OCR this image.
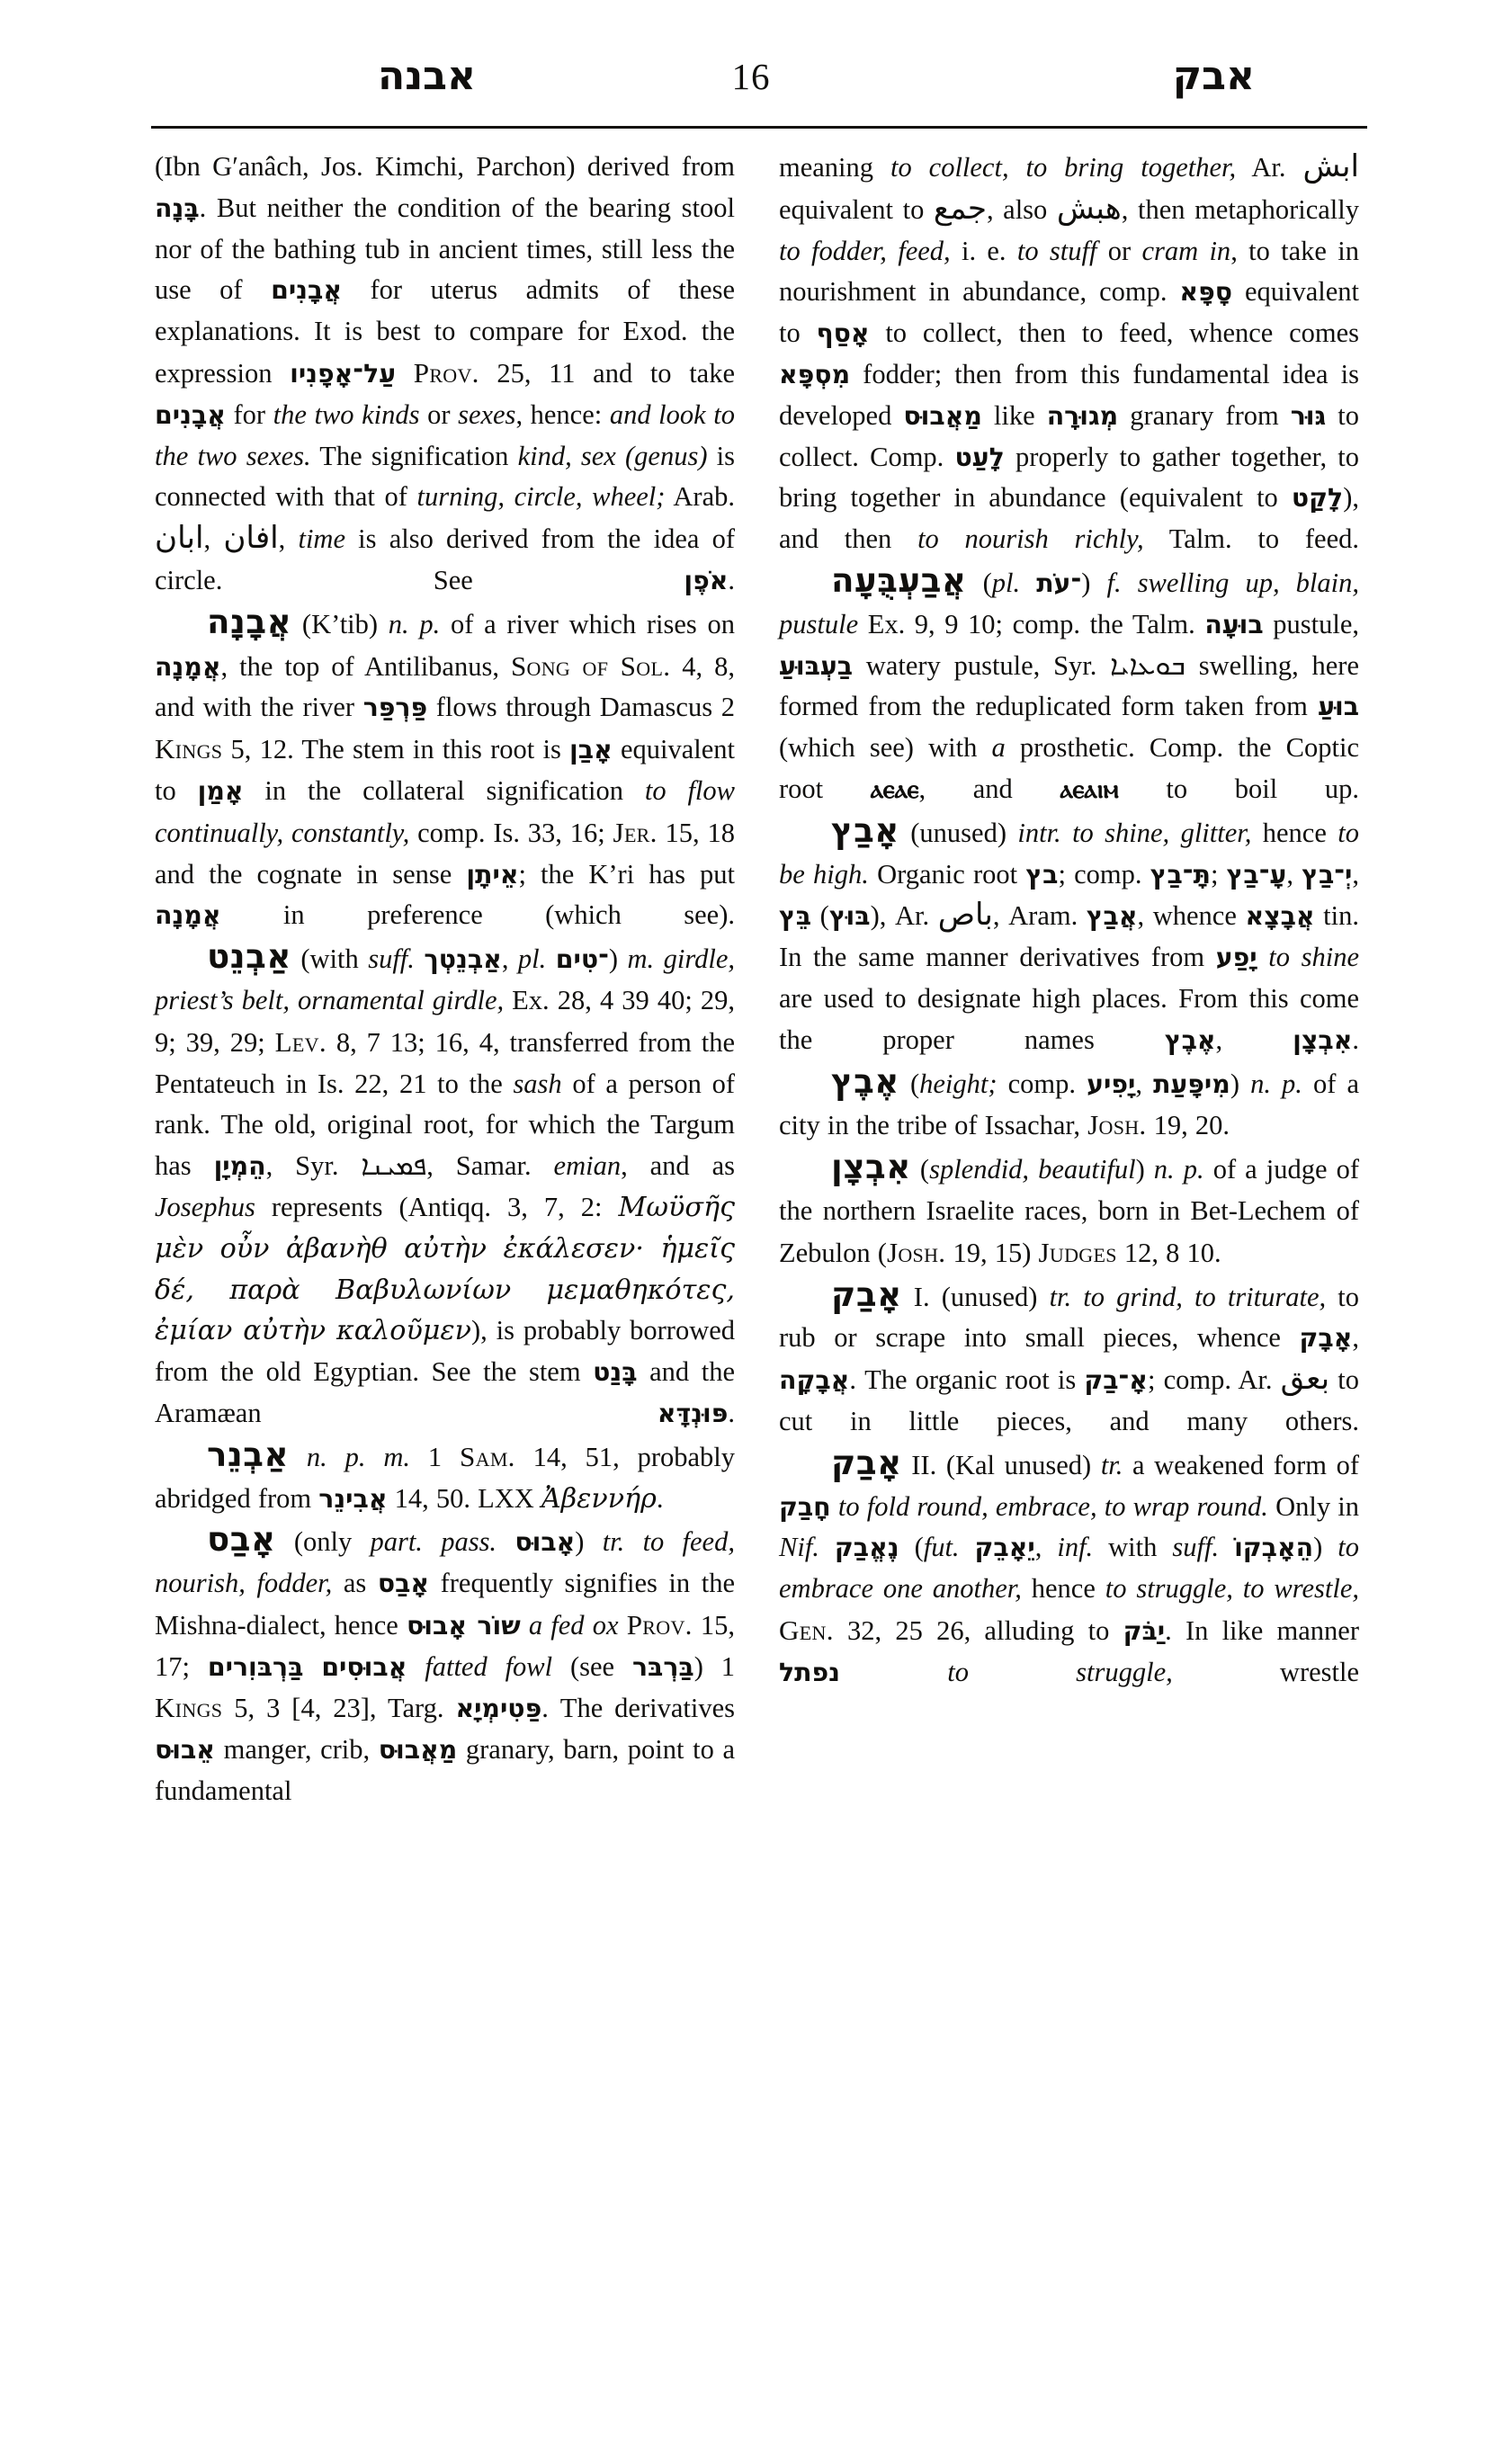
אבנה	16	אבק

(Ibn G′anâch, Jos. Kimchi, Parchon) derived from בָּנָה. But neither the condition of the bearing stool nor of the bathing tub in ancient times, still less the use of אֲבָנִים for uterus admits of these explanations. It is best to compare for Exod. the expression עַל־אָפָנִיו Prov. 25, 11 and to take אֲבָנִים for the two kinds or sexes, hence: and look to the two sexes. The signification kind, sex (genus) is connected with that of turning, circle, wheel; Arab. ابان, افان, time is also derived from the idea of circle. See אֹפֶן.

אֲבָנָה (K’tib) n. p. of a river which rises on אֲמָנָה, the top of Antilibanus, Song of Sol. 4, 8, and with the river פַּרְפַּר flows through Damascus 2 Kings 5, 12. The stem in this root is אָבַן equivalent to אָמַן in the collateral signification to flow continually, constantly, comp. Is. 33, 16; Jer. 15, 18 and the cognate in sense אֵיתָן; the K’ri has put אֲמָנָה in preference (which see).

אַבְנֵט (with suff. אַבְנֵטְך, pl. ־טִים) m. girdle, priest’s belt, ornamental girdle, Ex. 28, 4 39 40; 29, 9; 39, 29; Lev. 8, 7 13; 16, 4, transferred from the Pentateuch in Is. 22, 21 to the sash of a person of rank. The old, original root, for which the Targum has הֵמְיָן, Syr. ܦܡܝܢܐ, Samar. emian, and as Josephus represents (Antiqq. 3, 7, 2: Μωϋσῆς μὲν οὖν ἀβανὴθ αὐτὴν ἐκάλεσεν· ἡμεῖς δέ, παρὰ Βαβυλωνίων μεμαθηκότες, ἐμίαν αὐτὴν καλοῦμεν), is probably borrowed from the old Egyptian. See the stem בָּנַט and the Aramæan פּוּנְדָּא.

אַבְנֵר n. p. m. 1 Sam. 14, 51, probably abridged from אֲבִינֵר 14, 50. LXX Ἀβεννήρ.

אָבַס (only part. pass. אָבוּס) tr. to feed, nourish, fodder, as אָבַס frequently signifies in the Mishna-dialect, hence שוֹר אָבוּס a fed ox Prov. 15, 17; בַּרְבּוִרים אֲבוּסִים fatted fowl (see בַּרְבּר) 1 Kings 5, 3 [4, 23], Targ. פַּטִימְיָא. The derivatives אֵבוּס manger, crib, מַאֲבוּס granary, barn, point to a fundamental

meaning to collect, to bring together, Ar. ابش equivalent to جمع, also هبش, then metaphorically to fodder, feed, i. e. to stuff or cram in, to take in nourishment in abundance, comp. סָפָּא equivalent to אָסַף to collect, then to feed, whence comes מִסְפָּא fodder; then from this fundamental idea is developed מַאֲבוּס like מְגוּרָה granary from גּוּר to collect. Comp. לָעַט properly to gather together, to bring together in abundance (equivalent to לָקַט), and then to nourish richly, Talm. to feed.

אֲבַעְבֻּעָה (pl. ־עֹת) f. swelling up, blain, pustule Ex. 9, 9 10; comp. the Talm. בוּעָה pustule, בַעְבּוּעַ watery pustule, Syr. ܒܘܥܐܝܐ swelling, here formed from the reduplicated form taken from בוּעַ (which see) with a prosthetic. Comp. the Coptic root ⲁⲉⲁⲉ, and ⲁⲉⲁⲓⲙ to boil up.

אָבַץ (unused) intr. to shine, glitter, hence to be high. Organic root בץ; comp. תָּ־בַץ; עָ־בַץ, יְ־בַץ, בֵּץ (בּוּץ), Ar. باص, Aram. אֲבַץ, whence אֲבָצָא tin. In the same manner derivatives from יָפַע to shine are used to designate high places. From this come the proper names אֶבֶץ, אִבְצָן.

אֶבֶץ (height; comp. יָפִיע, מִיפָּעַת) n. p. of a city in the tribe of Issachar, Josh. 19, 20.

אִבְצָן (splendid, beautiful) n. p. of a judge of the northern Israelite races, born in Bet-Lechem of Zebulon (Josh. 19, 15) Judges 12, 8 10.

אָבַק I. (unused) tr. to grind, to triturate, to rub or scrape into small pieces, whence אָבָק, אֲבָקָה. The organic root is אָ־בַק; comp. Ar. بعق to cut in little pieces, and many others.

אָבַק II. (Kal unused) tr. a weakened form of חָבַק to fold round, embrace, to wrap round. Only in Nif. נֶאֱבַק (fut. יֵאָבֵק, inf. with suff. הֵאָבְקוֹ) to embrace one another, hence to struggle, to wrestle, Gen. 32, 25 26, alluding to יַבֹּק. In like manner נפתל	to struggle, wrestle
